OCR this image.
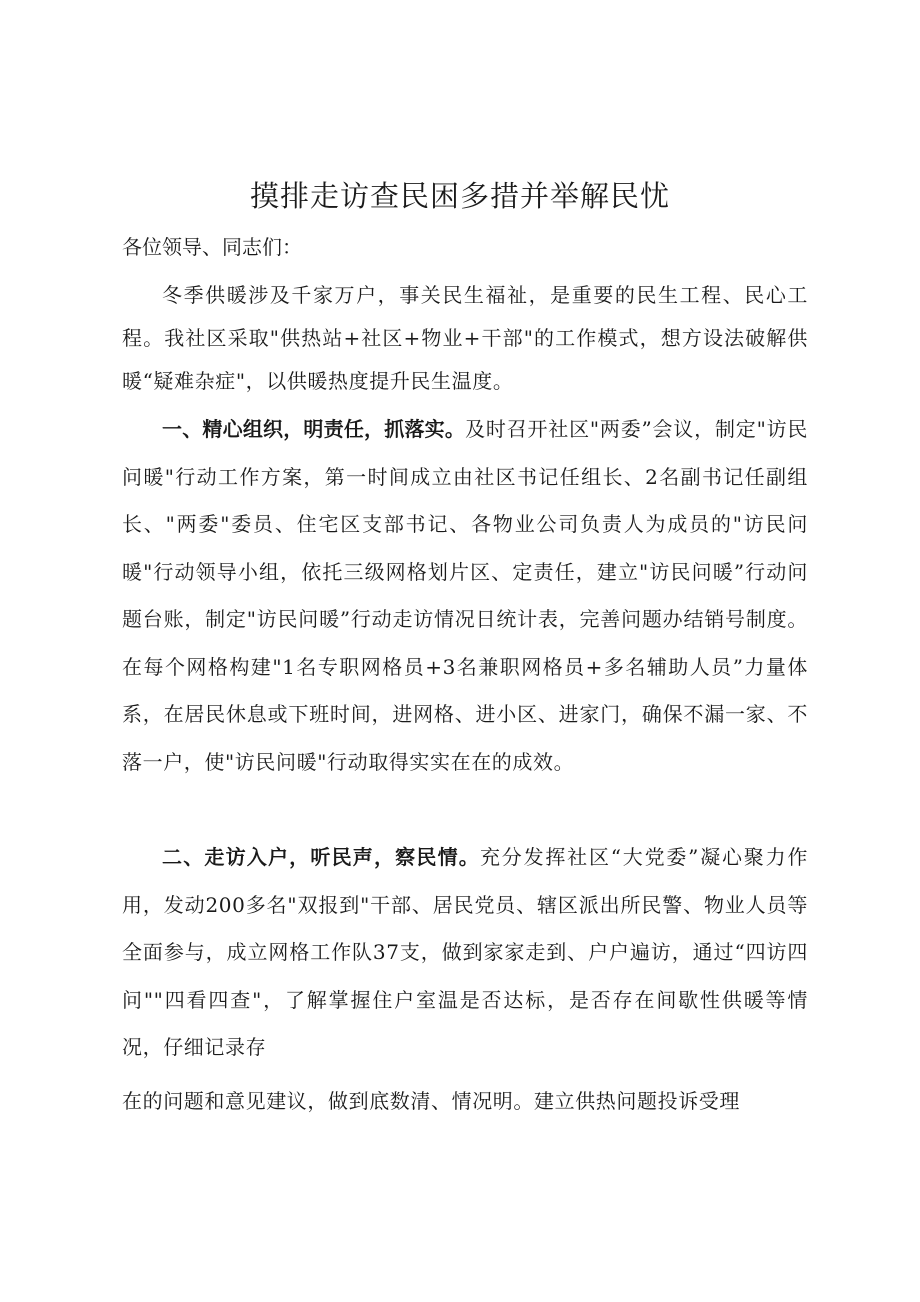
摸排走访查民困多措并举解民忧

各位领导、同志们：

冬季供暖涉及千家万户，事关民生福祉，是重要的民生工程、民心工程。我社区采取"供热站+社区+物业+干部"的工作模式，想方设法破解供暖“疑难杂症"，以供暖热度提升民生温度。

一、精心组织，明责任，抓落实。及时召开社区"两委”会议，制定"访民问暖"行动工作方案，第一时间成立由社区书记任组长、2名副书记任副组长、"两委"委员、住宅区支部书记、各物业公司负责人为成员的"访民问暖"行动领导小组，依托三级网格划片区、定责任，建立"访民问暖”行动问题台账，制定"访民问暖”行动走访情况日统计表，完善问题办结销号制度。在每个网格构建"1名专职网格员+3名兼职网格员+多名辅助人员”力量体系，在居民休息或下班时间，进网格、进小区、进家门，确保不漏一家、不落一户，使"访民问暖"行动取得实实在在的成效。

二、走访入户，听民声，察民情。充分发挥社区“大党委”凝心聚力作用，发动200多名"双报到"干部、居民党员、辖区派出所民警、物业人员等全面参与，成立网格工作队37支，做到家家走到、户户遍访，通过“四访四问""四看四查"，了解掌握住户室温是否达标，是否存在间歇性供暖等情况，仔细记录存

在的问题和意见建议，做到底数清、情况明。建立供热问题投诉受理
